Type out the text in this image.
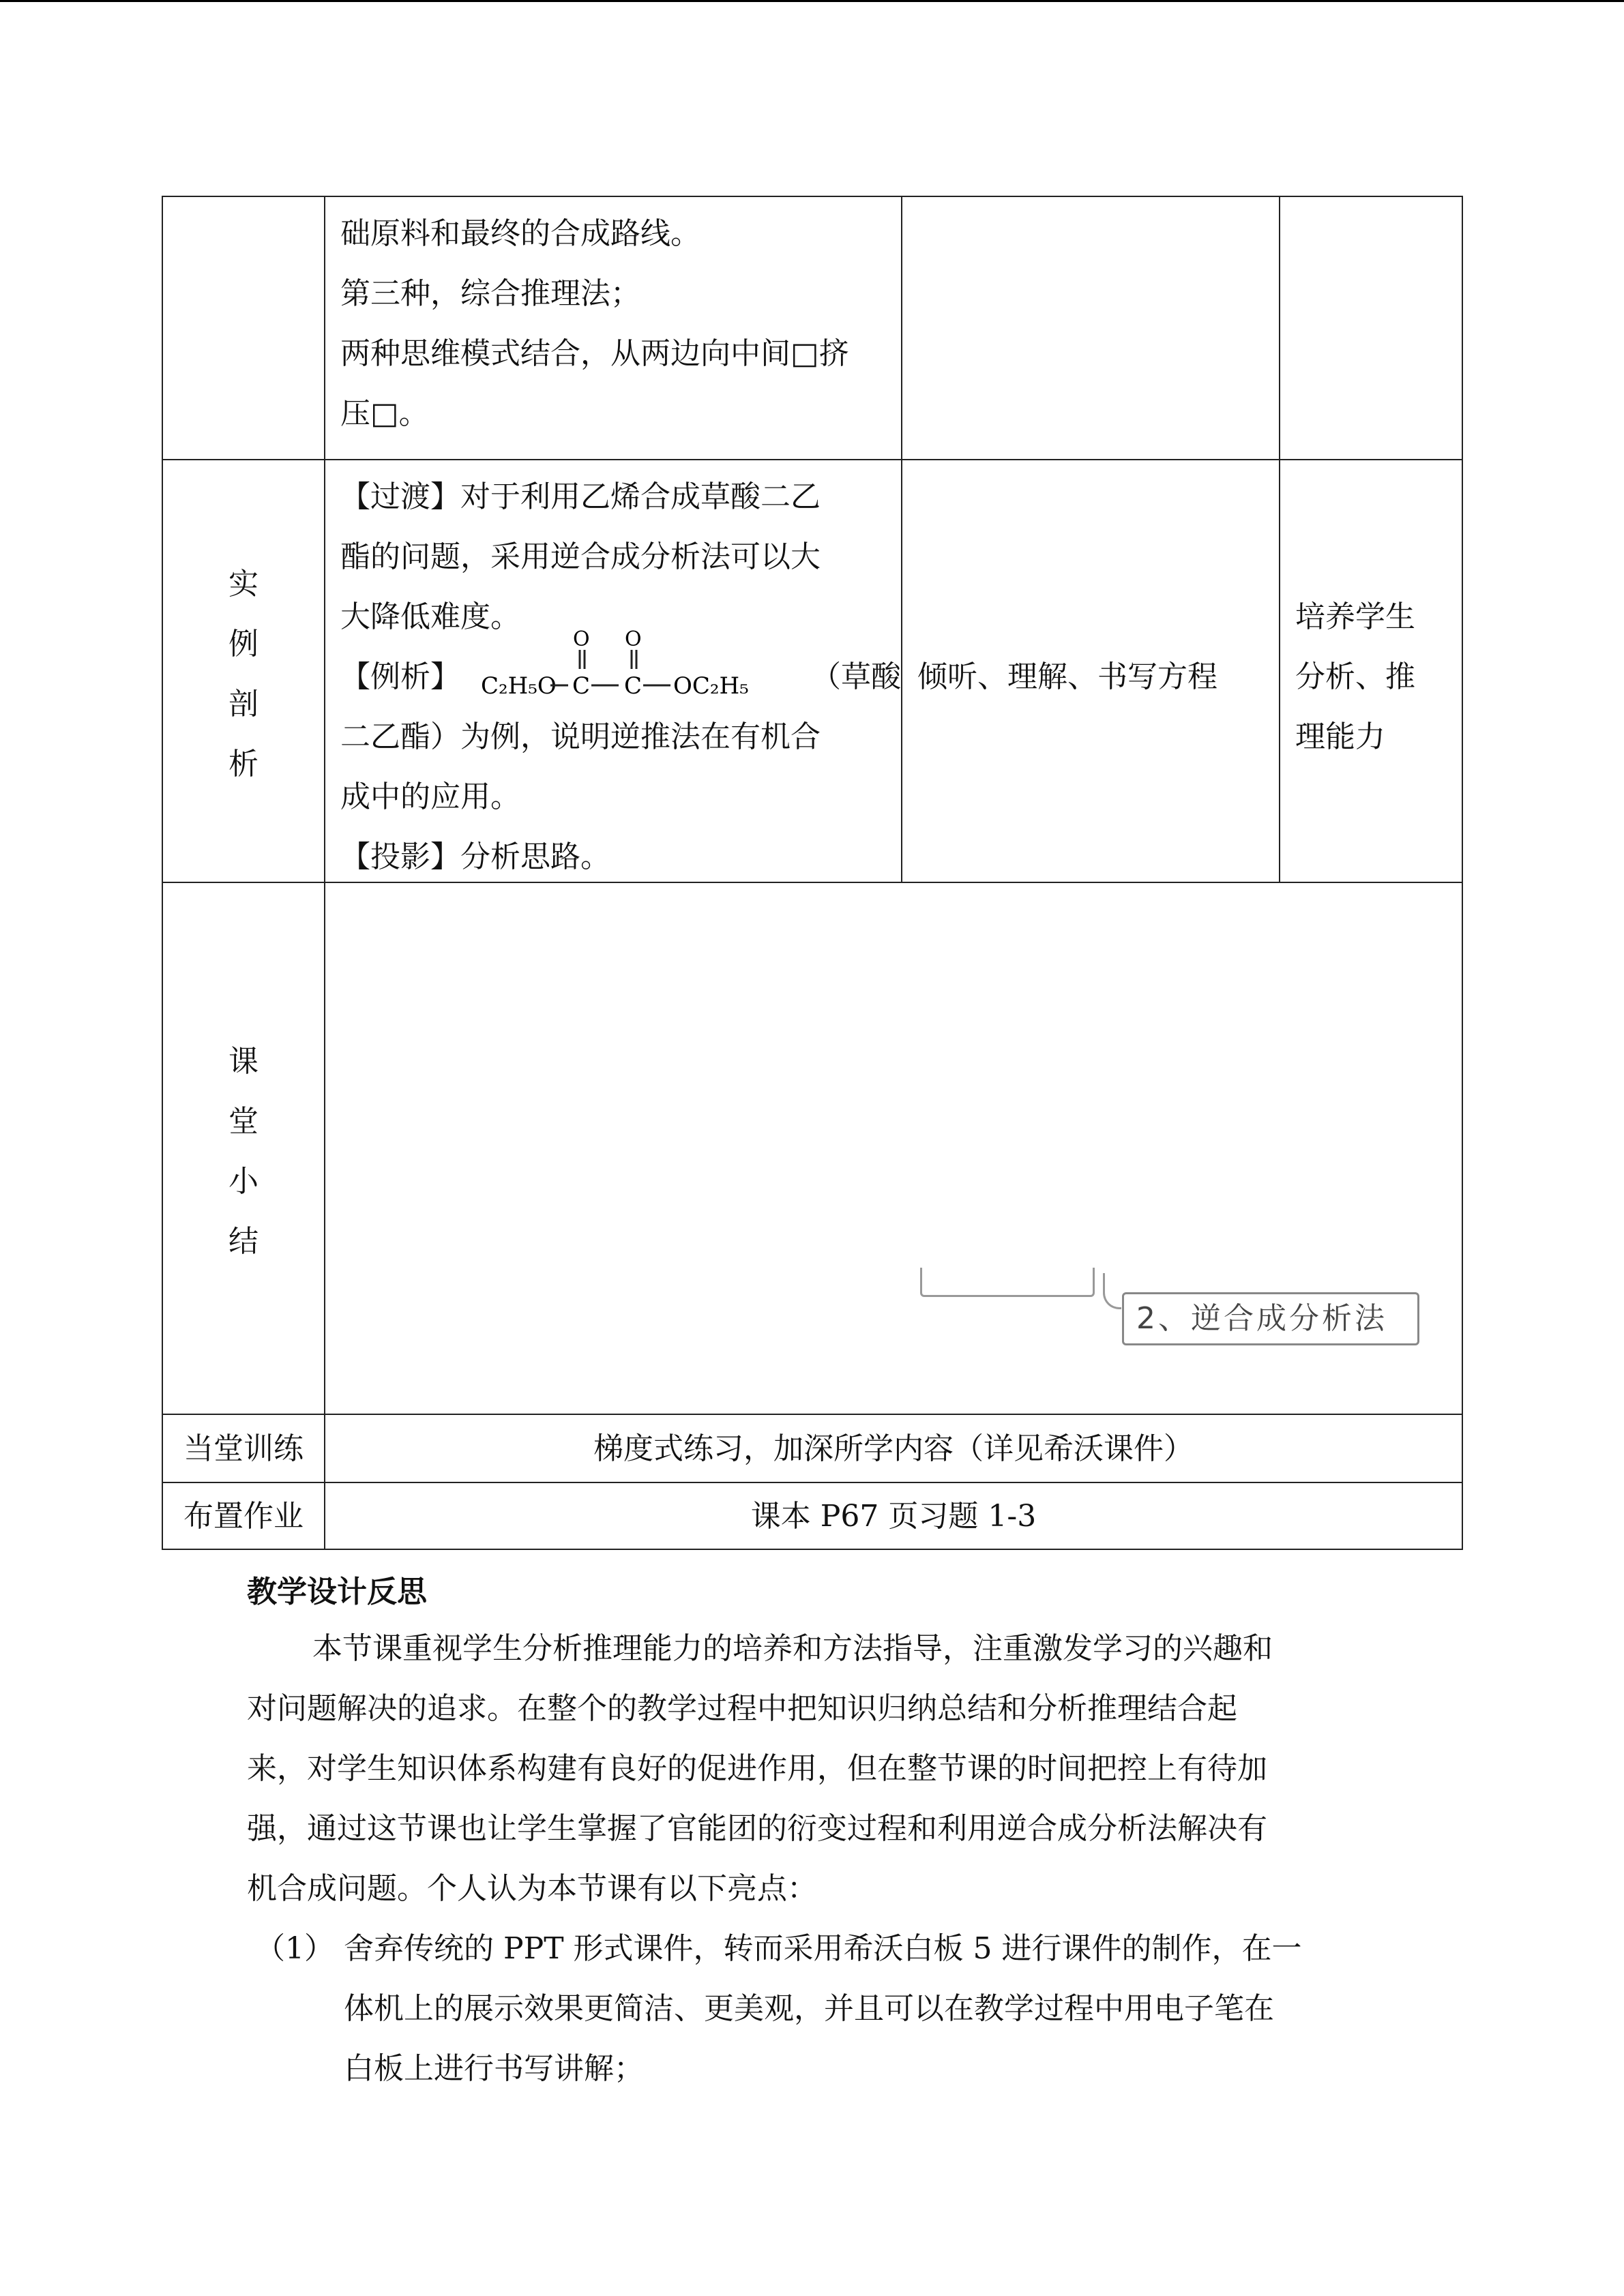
础原料和最终的合成路线。
第三种，综合推理法；
两种思维模式结合，从两边向中间□挤
压□。
实
例
剖
析
【过渡】对于利用乙烯合成草酸二乙
酯的问题，采用逆合成分析法可以大
大降低难度。
【例析】 C₂H₅O C
O
C
O
OC₂H₅ （草酸
二乙酯）为例，说明逆推法在有机合
成中的应用。
【投影】分析思路。
倾听、理解、书写方程
培养学生
分析、推
理能力
课
堂
小
结
2、逆合成分析法
当堂训练	梯度式练习，加深所学内容（详见希沃课件）
布置作业	课本 P67 页习题 1-3
教学设计反思
本节课重视学生分析推理能力的培养和方法指导，注重激发学习的兴趣和
对问题解决的追求。在整个的教学过程中把知识归纳总结和分析推理结合起
来，对学生知识体系构建有良好的促进作用，但在整节课的时间把控上有待加
强，通过这节课也让学生掌握了官能团的衍变过程和利用逆合成分析法解决有
机合成问题。个人认为本节课有以下亮点：
（1） 舍弃传统的 PPT 形式课件，转而采用希沃白板 5 进行课件的制作，在一
体机上的展示效果更简洁、更美观，并且可以在教学过程中用电子笔在
白板上进行书写讲解；
